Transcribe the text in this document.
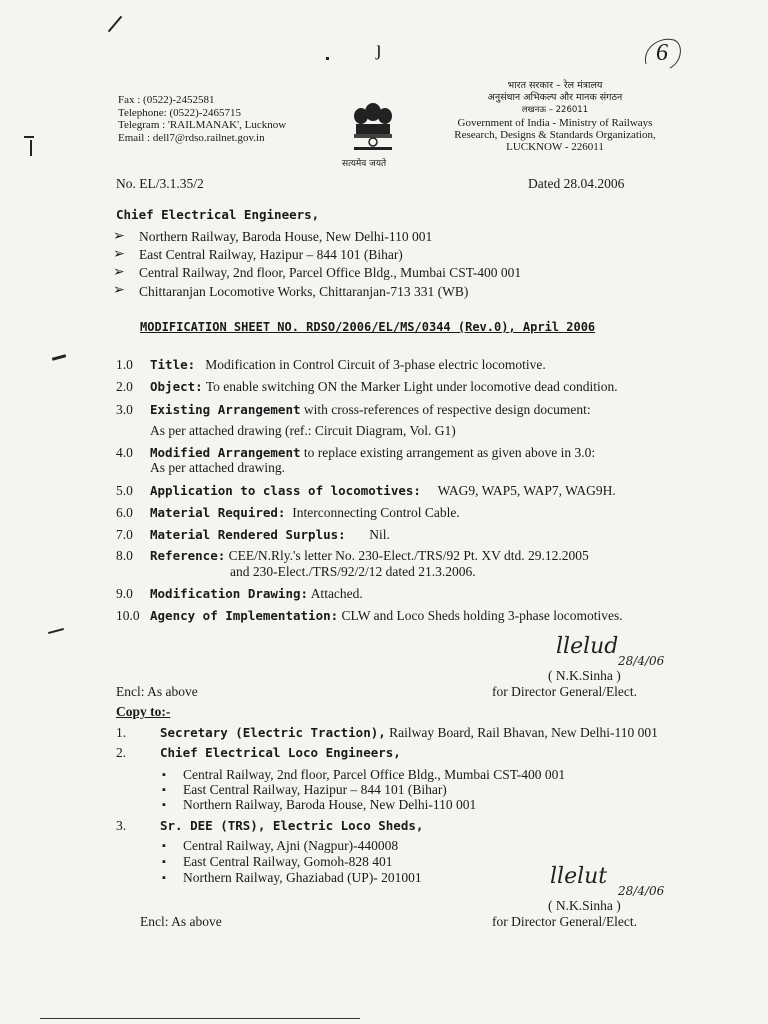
ȷ	6
Fax : (0522)-2452581
Telephone: (0522)-2465715
Telegram : 'RAILMANAK', Lucknow
Email : dell7@rdso.railnet.gov.in
सत्यमेव जयते
भारत सरकार – रेल मंत्रालय
अनुसंधान अभिकल्प और मानक संगठन
लखनऊ – 226011
Government of India - Ministry of Railways
Research, Designs & Standards Organization,
LUCKNOW - 226011
No. EL/3.1.35/2	Dated 28.04.2006
Chief Electrical Engineers,
➢ Northern Railway, Baroda House, New Delhi-110 001
➢ East Central Railway, Hazipur – 844 101 (Bihar)
➢ Central Railway, 2nd floor, Parcel Office Bldg., Mumbai CST-400 001
➢ Chittaranjan Locomotive Works, Chittaranjan-713 331 (WB)
MODIFICATION SHEET NO. RDSO/2006/EL/MS/0344 (Rev.0), April 2006
1.0 Title: Modification in Control Circuit of 3-phase electric locomotive.
2.0 Object: To enable switching ON the Marker Light under locomotive dead condition.
3.0 Existing Arrangement with cross-references of respective design document:
As per attached drawing (ref.: Circuit Diagram, Vol. G1)
4.0 Modified Arrangement to replace existing arrangement as given above in 3.0:
As per attached drawing.
5.0 Application to class of locomotives: WAG9, WAP5, WAP7, WAG9H.
6.0 Material Required: Interconnecting Control Cable.
7.0 Material Rendered Surplus: Nil.
8.0 Reference: CEE/N.Rly.'s letter No. 230-Elect./TRS/92 Pt. XV dtd. 29.12.2005
and 230-Elect./TRS/92/2/12 dated 21.3.2006.
9.0 Modification Drawing: Attached.
10.0 Agency of Implementation: CLW and Loco Sheds holding 3-phase locomotives.
llelud
28/4/06
( N.K.Sinha )
for Director General/Elect.
Encl: As above
Copy to:-
1.	Secretary (Electric Traction), Railway Board, Rail Bhavan, New Delhi-110 001
2.	Chief Electrical Loco Engineers,
▪ Central Railway, 2nd floor, Parcel Office Bldg., Mumbai CST-400 001
▪ East Central Railway, Hazipur – 844 101 (Bihar)
▪ Northern Railway, Baroda House, New Delhi-110 001
3.	Sr. DEE (TRS), Electric Loco Sheds,
▪ Central Railway, Ajni (Nagpur)-440008
▪ East Central Railway, Gomoh-828 401
▪ Northern Railway, Ghaziabad (UP)- 201001	llelut
28/4/06
( N.K.Sinha )
for Director General/Elect.
Encl: As above
